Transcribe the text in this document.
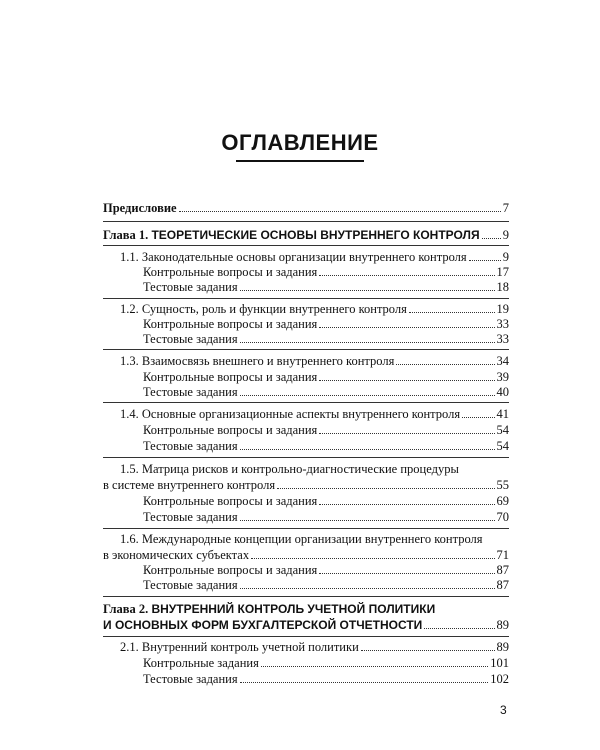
ОГЛАВЛЕНИЕ
Предисловие	7
Глава 1. ТЕОРЕТИЧЕСКИЕ ОСНОВЫ ВНУТРЕННЕГО КОНТРОЛЯ 9
1.1. Законодательные основы организации внутреннего контроля	9
Контрольные вопросы и задания	17
Тестовые задания	18
1.2. Сущность, роль и функции внутреннего контроля	19
Контрольные вопросы и задания	33
Тестовые задания	33
1.3. Взаимосвязь внешнего и внутреннего контроля	34
Контрольные вопросы и задания	39
Тестовые задания	40
1.4. Основные организационные аспекты внутреннего контроля	41
Контрольные вопросы и задания	54
Тестовые задания	54
1.5. Матрица рисков и контрольно-диагностические процедуры
в системе внутреннего контроля	55
Контрольные вопросы и задания	69
Тестовые задания	70
1.6. Международные концепции организации внутреннего контроля
в экономических субъектах	71
Контрольные вопросы и задания	87
Тестовые задания	87
Глава 2. ВНУТРЕННИЙ КОНТРОЛЬ УЧЕТНОЙ ПОЛИТИКИ
И ОСНОВНЫХ ФОРМ БУХГАЛТЕРСКОЙ ОТЧЕТНОСТИ	89
2.1. Внутренний контроль учетной политики	89
Контрольные задания	101
Тестовые задания	102
3
